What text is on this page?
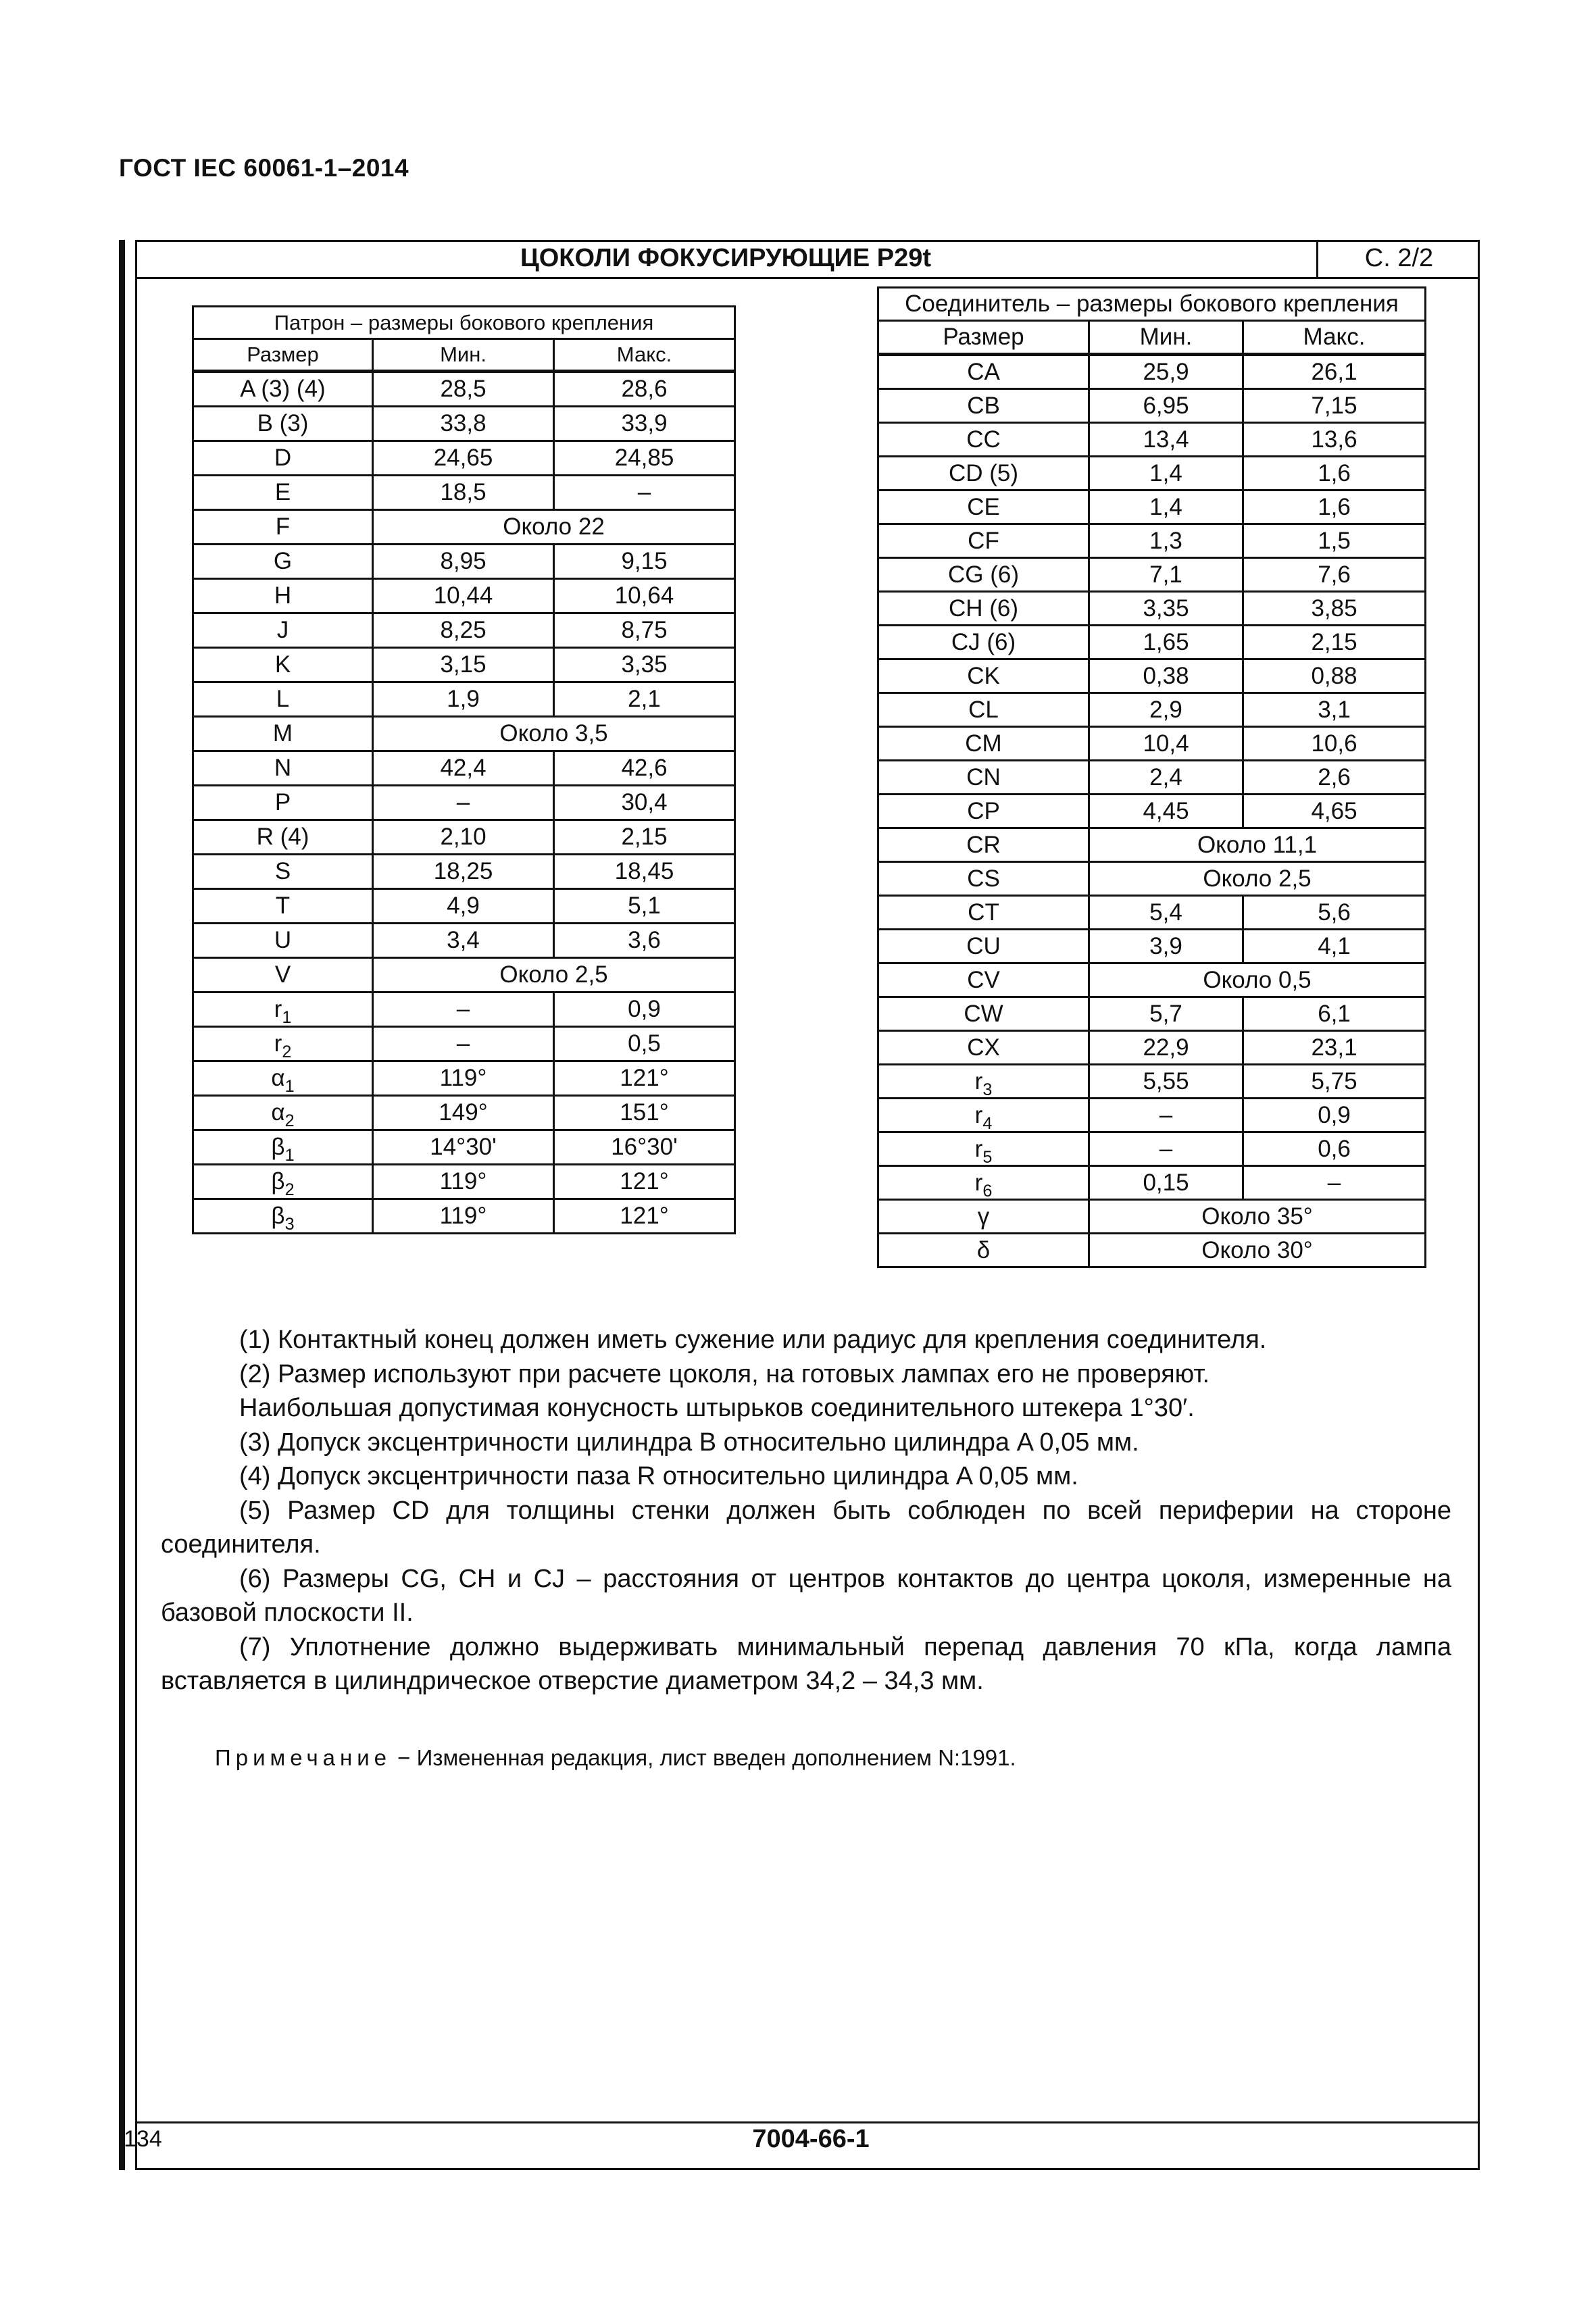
ГОСТ IEC 60061-1–2014
ЦОКОЛИ ФОКУСИРУЮЩИЕ P29t	С. 2/2
Патрон – размеры бокового крепления		
Размер	Мин.	Макс.
A (3) (4)	28,5	28,6
B (3)	33,8	33,9
D	24,65	24,85
E	18,5	–
F	Около 22	
G	8,95	9,15
H	10,44	10,64
J	8,25	8,75
K	3,15	3,35
L	1,9	2,1
M	Около 3,5	
N	42,4	42,6
P	–	30,4
R (4)	2,10	2,15
S	18,25	18,45
T	4,9	5,1
U	3,4	3,6
V	Около 2,5	
$r_1$	–	0,9
$r_2$	–	0,5
$\alpha_1$	119°	121°
$\alpha_2$	149°	151°
$\beta_1$	14°30'	16°30'
$\beta_2$	119°	121°
$\beta_3$	119°	121°
Соединитель – размеры бокового крепления		
Размер	Мин.	Макс.
CA	25,9	26,1
CB	6,95	7,15
CC	13,4	13,6
CD (5)	1,4	1,6
CE	1,4	1,6
CF	1,3	1,5
CG (6)	7,1	7,6
CH (6)	3,35	3,85
CJ (6)	1,65	2,15
CK	0,38	0,88
CL	2,9	3,1
CM	10,4	10,6
CN	2,4	2,6
CP	4,45	4,65
CR	Около 11,1	
CS	Около 2,5	
CT	5,4	5,6
CU	3,9	4,1
CV	Около 0,5	
CW	5,7	6,1
CX	22,9	23,1
$r_3$	5,55	5,75
$r_4$	–	0,9
$r_5$	–	0,6
$r_6$	0,15	–
γ	Около 35°	
δ	Около 30°	

(1) Контактный конец должен иметь сужение или радиус для крепления соединителя.

(2) Размер используют при расчете цоколя, на готовых лампах его не проверяют.

Наибольшая допустимая конусность штырьков соединительного штекера 1°30′.

(3) Допуск эксцентричности цилиндра B относительно цилиндра A 0,05 мм.

(4) Допуск эксцентричности паза R относительно цилиндра A 0,05 мм.

(5) Размер CD для толщины стенки должен быть соблюден по всей периферии на стороне соединителя.

(6) Размеры CG, CH и CJ – расстояния от центров контактов до центра цоколя, измеренные на базовой плоскости II.

(7) Уплотнение должно выдерживать минимальный перепад давления 70 кПа, когда лампа вставляется в цилиндрическое отверстие диаметром 34,2 – 34,3 мм.

Примечание − Измененная редакция, лист введен дополнением N:1991.
134	7004-66-1
